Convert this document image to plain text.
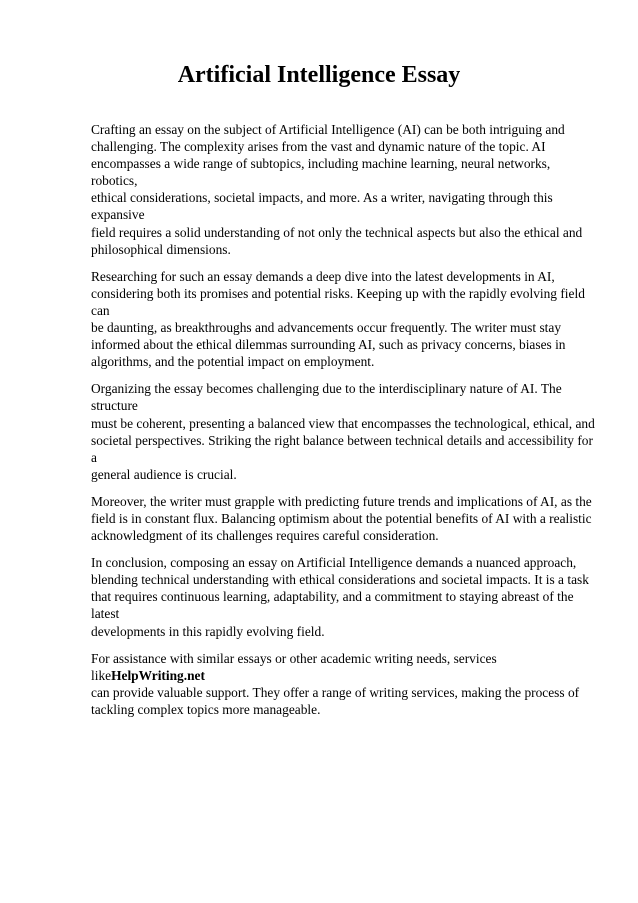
Artificial Intelligence Essay

Crafting an essay on the subject of Artificial Intelligence (AI) can be both intriguing and
challenging. The complexity arises from the vast and dynamic nature of the topic. AI
encompasses a wide range of subtopics, including machine learning, neural networks, robotics,
ethical considerations, societal impacts, and more. As a writer, navigating through this expansive
field requires a solid understanding of not only the technical aspects but also the ethical and
philosophical dimensions.

Researching for such an essay demands a deep dive into the latest developments in AI,
considering both its promises and potential risks. Keeping up with the rapidly evolving field can
be daunting, as breakthroughs and advancements occur frequently. The writer must stay
informed about the ethical dilemmas surrounding AI, such as privacy concerns, biases in
algorithms, and the potential impact on employment.

Organizing the essay becomes challenging due to the interdisciplinary nature of AI. The structure
must be coherent, presenting a balanced view that encompasses the technological, ethical, and
societal perspectives. Striking the right balance between technical details and accessibility for a
general audience is crucial.

Moreover, the writer must grapple with predicting future trends and implications of AI, as the
field is in constant flux. Balancing optimism about the potential benefits of AI with a realistic
acknowledgment of its challenges requires careful consideration.

In conclusion, composing an essay on Artificial Intelligence demands a nuanced approach,
blending technical understanding with ethical considerations and societal impacts. It is a task
that requires continuous learning, adaptability, and a commitment to staying abreast of the latest
developments in this rapidly evolving field.

For assistance with similar essays or other academic writing needs, services likeHelpWriting.net
can provide valuable support. They offer a range of writing services, making the process of
tackling complex topics more manageable.
